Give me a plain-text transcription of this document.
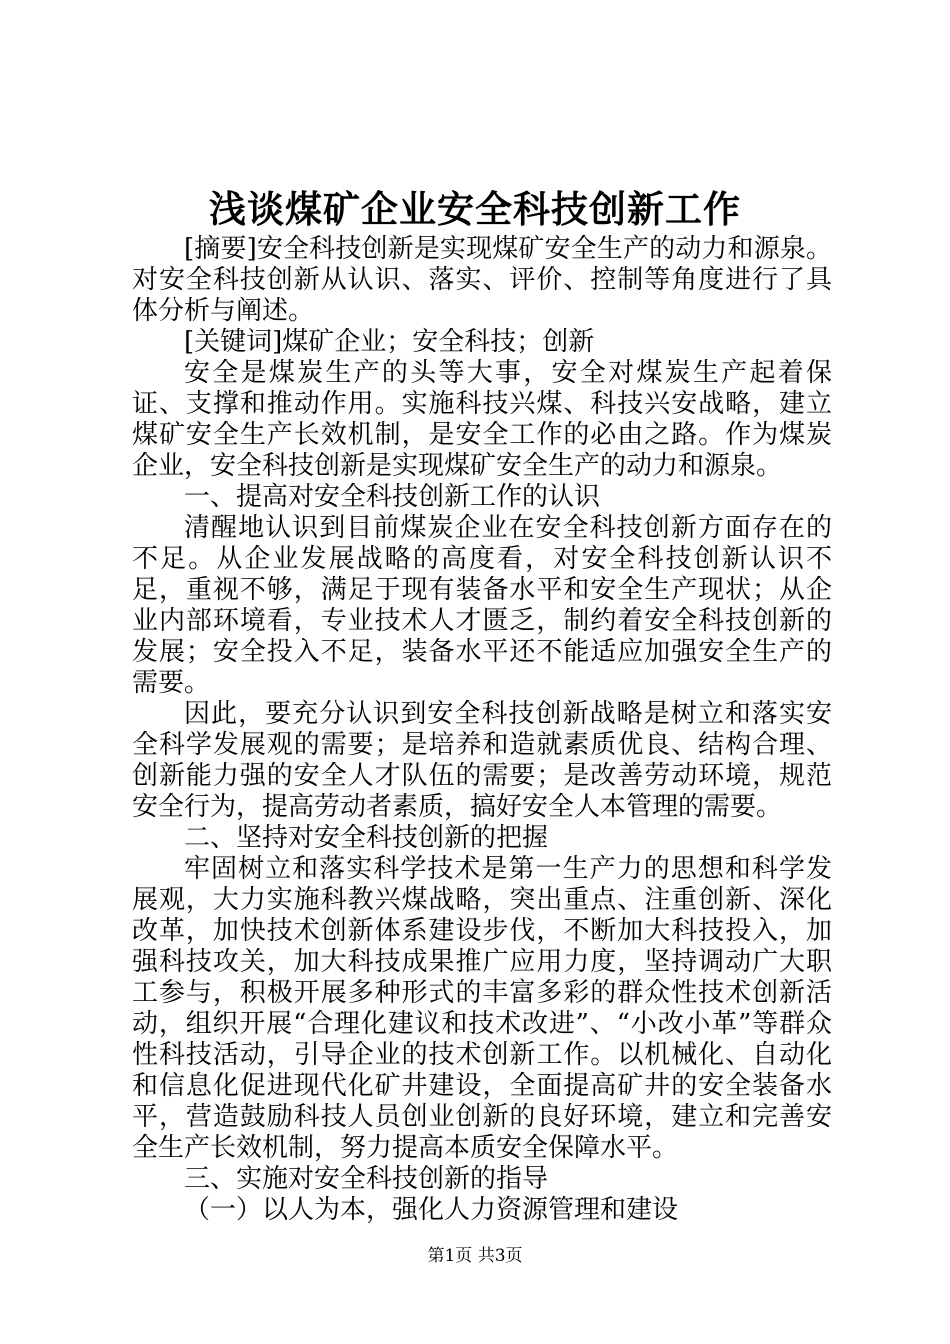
浅谈煤矿企业安全科技创新工作

[摘要]安全科技创新是实现煤矿安全生产的动力和源泉。对安全科技创新从认识、落实、评价、控制等角度进行了具体分析与阐述。

[关键词]煤矿企业；安全科技；创新

安全是煤炭生产的头等大事，安全对煤炭生产起着保证、支撑和推动作用。实施科技兴煤、科技兴安战略，建立煤矿安全生产长效机制，是安全工作的必由之路。作为煤炭企业，安全科技创新是实现煤矿安全生产的动力和源泉。

一、提高对安全科技创新工作的认识

清醒地认识到目前煤炭企业在安全科技创新方面存在的不足。从企业发展战略的高度看，对安全科技创新认识不足，重视不够，满足于现有装备水平和安全生产现状；从企业内部环境看，专业技术人才匮乏，制约着安全科技创新的发展；安全投入不足，装备水平还不能适应加强安全生产的需要。

因此，要充分认识到安全科技创新战略是树立和落实安全科学发展观的需要；是培养和造就素质优良、结构合理、创新能力强的安全人才队伍的需要；是改善劳动环境，规范安全行为，提高劳动者素质，搞好安全人本管理的需要。

二、坚持对安全科技创新的把握

牢固树立和落实科学技术是第一生产力的思想和科学发展观，大力实施科教兴煤战略，突出重点、注重创新、深化改革，加快技术创新体系建设步伐，不断加大科技投入，加强科技攻关，加大科技成果推广应用力度，坚持调动广大职工参与，积极开展多种形式的丰富多彩的群众性技术创新活动，组织开展“合理化建议和技术改进”、“小改小革”等群众性科技活动，引导企业的技术创新工作。以机械化、自动化和信息化促进现代化矿井建设，全面提高矿井的安全装备水平，营造鼓励科技人员创业创新的良好环境，建立和完善安全生产长效机制，努力提高本质安全保障水平。

三、实施对安全科技创新的指导

（一）以人为本，强化人力资源管理和建设

第1页 共3页
